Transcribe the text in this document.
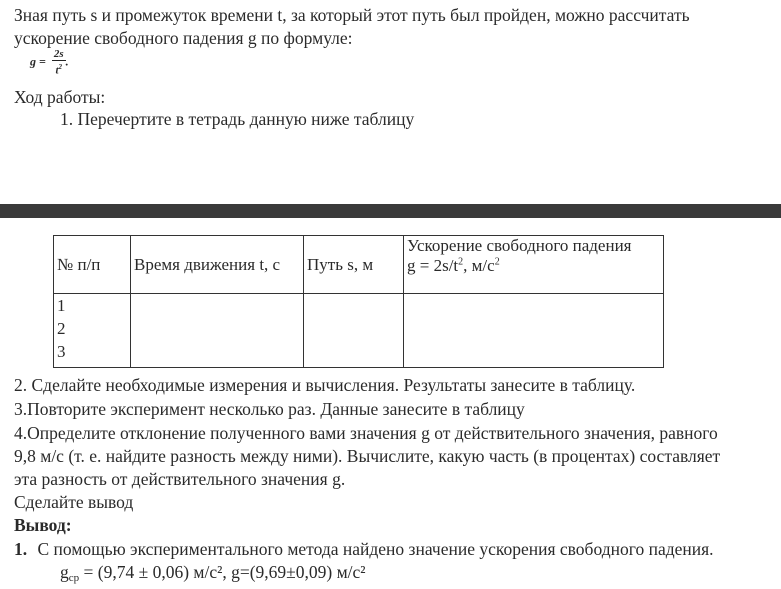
Зная путь s и промежуток времени t, за который этот путь был пройден, можно рассчитать
ускорение свободного падения g по формуле:
$g = \frac{2s}{t^2}$ .
Ход работы:
1. Перечертите в тетрадь данную ниже таблицу
№ п/п	Время движения t, с	Путь s, м	Ускорение свободного падения
$g = 2s/t^2$, $м/с^2$

1
2
3			

2. Сделайте необходимые измерения и вычисления. Результаты занесите в таблицу.
3.Повторите эксперимент несколько раз. Данные занесите в таблицу
4.Определите отклонение полученного вами значения g от действительного значения, равного
9,8 м/с (т. е. найдите разность между ними). Вычислите, какую часть (в процентах) составляет
эта разность от действительного значения g.
Сделайте вывод
Вывод:
1. С помощью экспериментального метода найдено значение ускорения свободного падения.
$g_{ср} = (9,74 \pm 0,06)$ м/с², g=(9,69±0,09) м/с²
